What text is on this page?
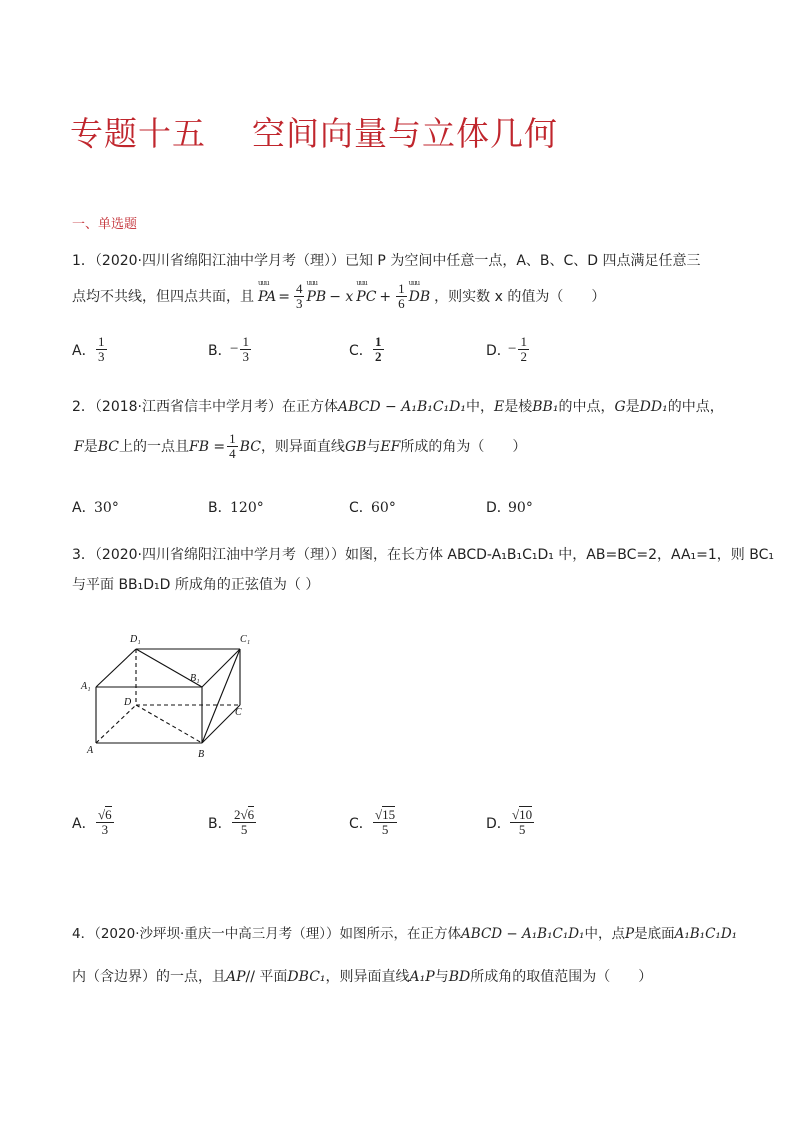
专题十五 空间向量与立体几何
一、单选题
1．（2020·四川省绵阳江油中学月考（理））已知 P 为空间中任意一点，A、B、C、D 四点满足任意三
点均不共线，但四点共面，且 uuu PA = $\frac{4}{3}$ uuu PB − x uuu PC + $\frac{1}{6}$ uuu DB ，则实数 x 的值为（　　）
A． $\frac{1}{3}$	B．
− $\frac{1}{3}$	C． $\frac{1}{2}$	D．
− $\frac{1}{2}$
2．（2018·江西省信丰中学月考）在正方体ABCD − A₁B₁C₁D₁中，E是棱BB₁的中点，G是DD₁的中点，
F 是 BC 上的一点且 FB = $\frac{1}{4}$ BC ，则异面直线 GB 与 EF 所成的角为（　　）
A．30°	B．120°	C．60°	D．90°
3．（2020·四川省绵阳江油中学月考（理））如图，在长方体 ABCD-A₁B₁C₁D₁ 中，AB=BC=2，AA₁=1，则 BC₁
与平面 BB₁D₁D 所成角的正弦值为（ ）
D₁	C₁
B₁
A₁
D
C
A	B
A． $\frac{√6}{3}$	B． $\frac{2√6}{5}$	C． $\frac{√15}{5}$	D． $\frac{√10}{5}$
4．（2020·沙坪坝·重庆一中高三月考（理））如图所示，在正方体ABCD − A₁B₁C₁D₁中，点P是底面A₁B₁C₁D₁
内（含边界）的一点，且AP// 平面DBC₁，则异面直线A₁P与BD所成角的取值范围为（　　）
